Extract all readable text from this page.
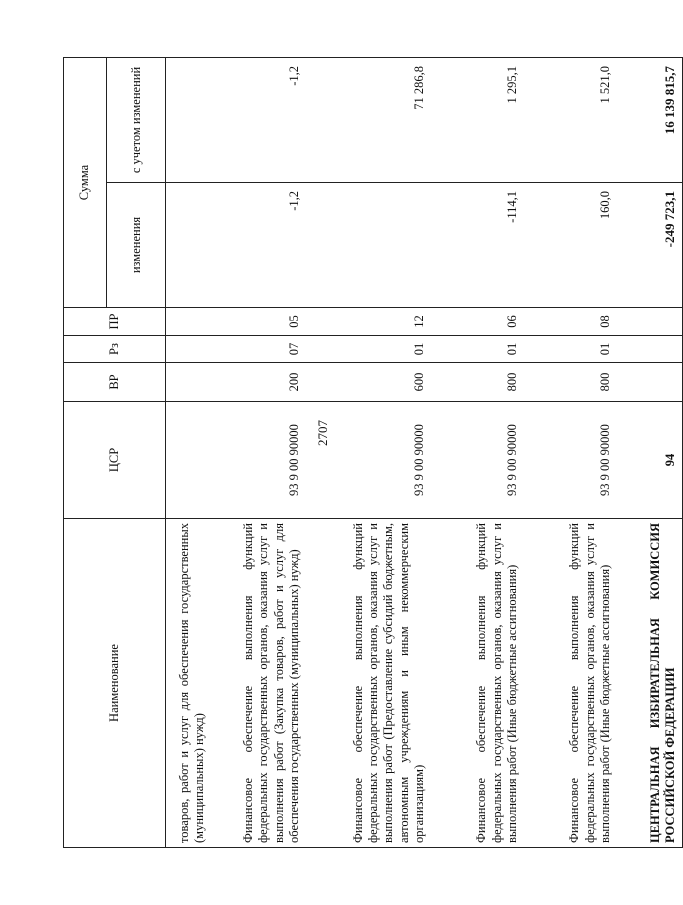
2707
Наименование	ЦСР	ВР	Рз	ПР	Сумма	
					изменения	с учетом изменений
товаров, работ и услуг для обеспечения государственных (муниципальных) нужд)						
Финансовое обеспечение выполнения функций федеральных государственных органов, оказания услуг и выполнения работ (Закупка товаров, работ и услуг для обеспечения государственных (муниципальных) нужд)	93 9 00 90000	200	07	05	-1,2	-1,2
Финансовое обеспечение выполнения функций федеральных государственных органов, оказания услуг и выполнения работ (Предоставление субсидий бюджетным, автономным учреждениям и иным некоммерческим организациям)	93 9 00 90000	600	01	12		71 286,8
Финансовое обеспечение выполнения функций федеральных государственных органов, оказания услуг и выполнения работ (Иные бюджетные ассигнования)	93 9 00 90000	800	01	06	-114,1	1 295,1
Финансовое обеспечение выполнения функций федеральных государственных органов, оказания услуг и выполнения работ (Иные бюджетные ассигнования)	93 9 00 90000	800	01	08	160,0	1 521,0
ЦЕНТРАЛЬНАЯ ИЗБИРАТЕЛЬНАЯ КОМИССИЯ РОССИЙСКОЙ ФЕДЕРАЦИИ	94				-249 723,1	16 139 815,7
